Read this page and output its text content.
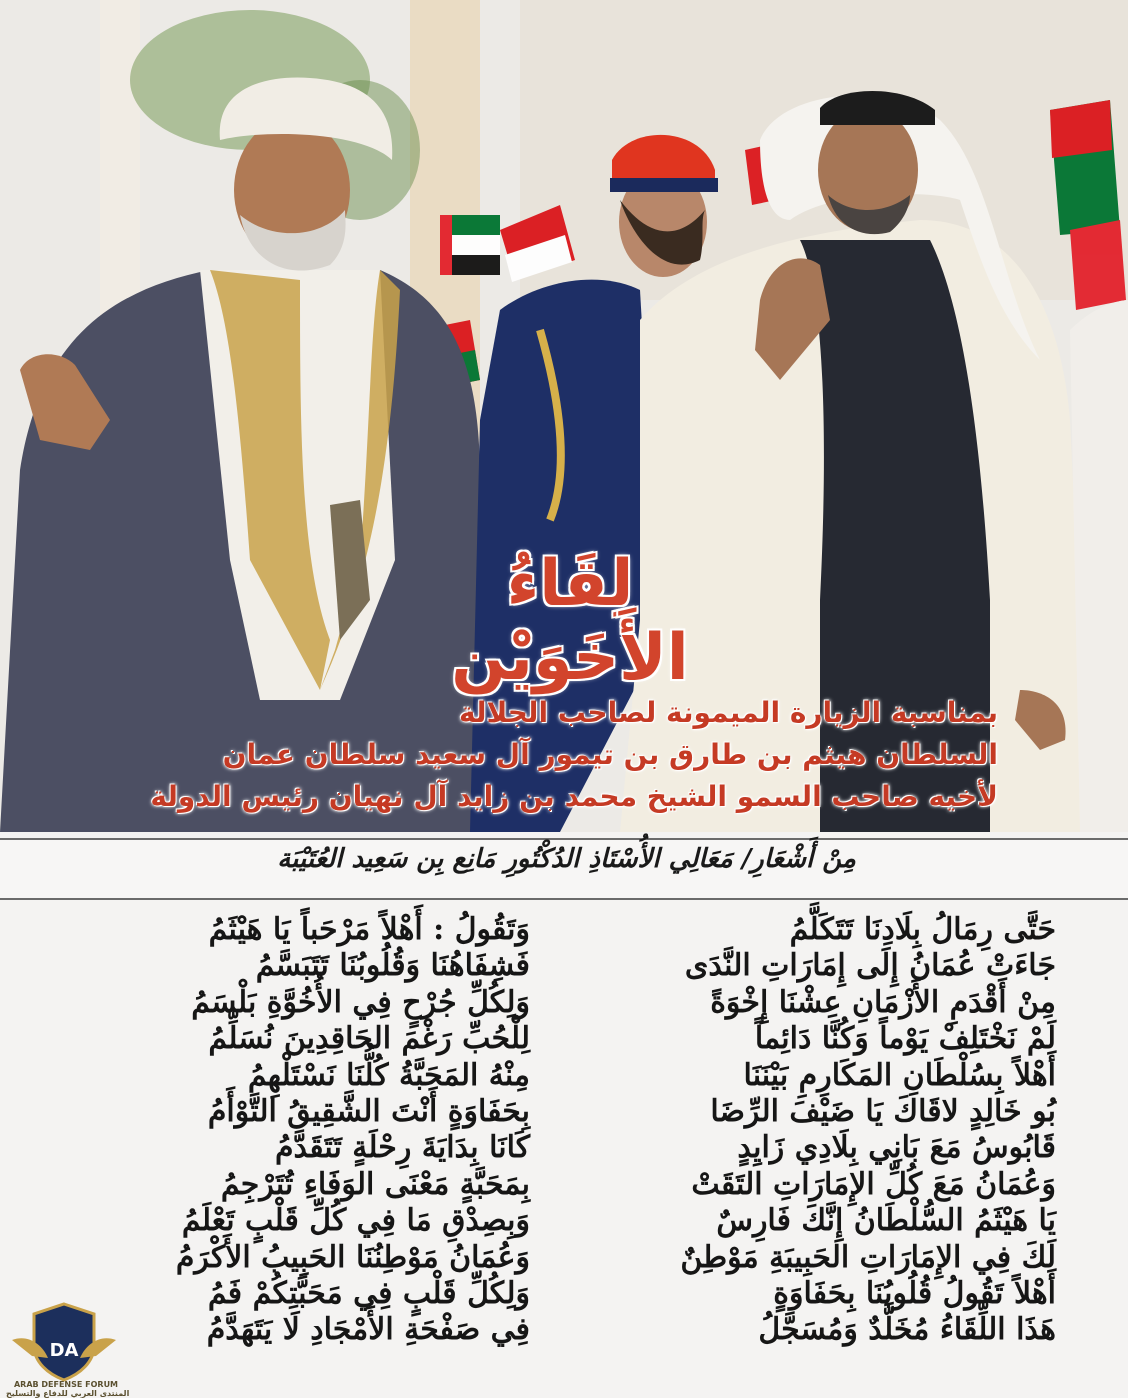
لِقَاءُ الأَخَوَيْن
بمناسبة الزيارة الميمونة لصاحب الجلالة
السلطان هيثم بن طارق بن تيمور آل سعيد سلطان عمان
لأخيه صاحب السمو الشيخ محمد بن زايد آل نهيان رئيس الدولة
مِنْ أَشْعَارِ/ مَعَالِي الأُسْتَاذِ الدُكْتُورِ مَانِع بِن سَعِيد العُتَيْبَة
حَتَّى رِمَالُ بِلَادِنَا تَتَكَلَّمُ
جَاءَتْ عُمَانُ إِلَى إِمَارَاتِ النَّدَى
مِنْ أَقْدَمِ الأَزْمَانِ عِشْنَا إِخْوَةً
لَمْ نَخْتَلِفْ يَوْماً وَكُنَّا دَائِماً
أَهْلاً بِسُلْطَانِ المَكَارِمِ بَيْنَنَا
بُو خَالِدٍ لاقَاكَ يَا ضَيْفَ الرِّضَا
قَابُوسُ مَعَ بَانِي بِلَادِي زَايِدٍ
وَعُمَانُ مَعَ كُلِّ الإِمَارَاتِ التَقَتْ
يَا هَيْثَمُ السُّلْطَانُ إِنَّكَ فَارِسٌ
لَكَ فِي الإِمَارَاتِ الحَبِيبَةِ مَوْطِنٌ
أَهْلاً تَقُولُ قُلُوبُنَا بِحَفَاوَةٍ
هَذَا اللِّقَاءُ مُخَلَّدٌ وَمُسَجَّلُ
وَتَقُولُ : أَهْلاً مَرْحَباً يَا هَيْثَمُ
فَشِفَاهُنَا وَقُلُوبُنَا تَتَبَسَّمُ
وَلِكُلِّ جُرْحٍ فِي الأُخُوَّةِ بَلْسَمُ
لِلْحُبِّ رَغْمَ الحَاقِدِينَ نُسَلِّمُ
مِنْهُ المَحَبَّةُ كُلُّنَا نَسْتَلْهِمُ
بِحَفَاوَةٍ أَنْتَ الشَّقِيقُ التَّوْأَمُ
كَانَا بِدَايَةَ رِحْلَةٍ تَتَقَدَّمُ
بِمَحَبَّةٍ مَعْنَى الوَفَاءِ تُتَرْجِمُ
وَبِصِدْقِ مَا فِي كُلِّ قَلْبٍ تَعْلَمُ
وَعُمَانُ مَوْطِنُنَا الحَبِيبُ الأَكْرَمُ
وَلِكُلِّ قَلْبٍ فِي مَحَبَّتِكُمْ فَمُ
فِي صَفْحَةِ الأَمْجَادِ لَا يَتَهَدَّمُ
DA
ARAB DEFENSE FORUM
المنتدى العربي للدفاع والتسليح
